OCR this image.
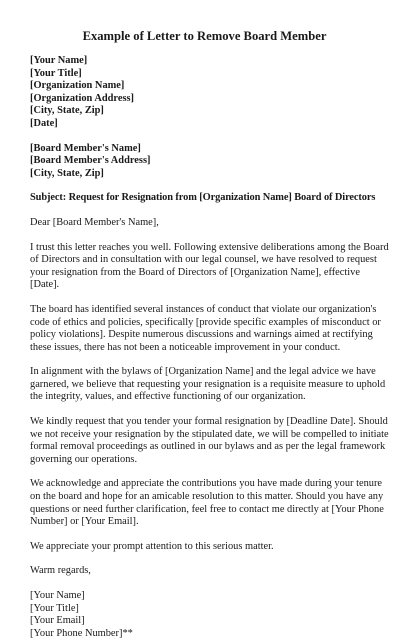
Example of Letter to Remove Board Member
[Your Name]
[Your Title]
[Organization Name]
[Organization Address]
[City, State, Zip]
[Date]
[Board Member's Name]
[Board Member's Address]
[City, State, Zip]
Subject: Request for Resignation from [Organization Name] Board of Directors
Dear [Board Member's Name],
I trust this letter reaches you well. Following extensive deliberations among the Board
of Directors and in consultation with our legal counsel, we have resolved to request
your resignation from the Board of Directors of [Organization Name], effective
[Date].
The board has identified several instances of conduct that violate our organization's
code of ethics and policies, specifically [provide specific examples of misconduct or
policy violations]. Despite numerous discussions and warnings aimed at rectifying
these issues, there has not been a noticeable improvement in your conduct.
In alignment with the bylaws of [Organization Name] and the legal advice we have
garnered, we believe that requesting your resignation is a requisite measure to uphold
the integrity, values, and effective functioning of our organization.
We kindly request that you tender your formal resignation by [Deadline Date]. Should
we not receive your resignation by the stipulated date, we will be compelled to initiate
formal removal proceedings as outlined in our bylaws and as per the legal framework
governing our operations.
We acknowledge and appreciate the contributions you have made during your tenure
on the board and hope for an amicable resolution to this matter. Should you have any
questions or need further clarification, feel free to contact me directly at [Your Phone
Number] or [Your Email].
We appreciate your prompt attention to this serious matter.
Warm regards,
[Your Name]
[Your Title]
[Your Email]
[Your Phone Number]**
